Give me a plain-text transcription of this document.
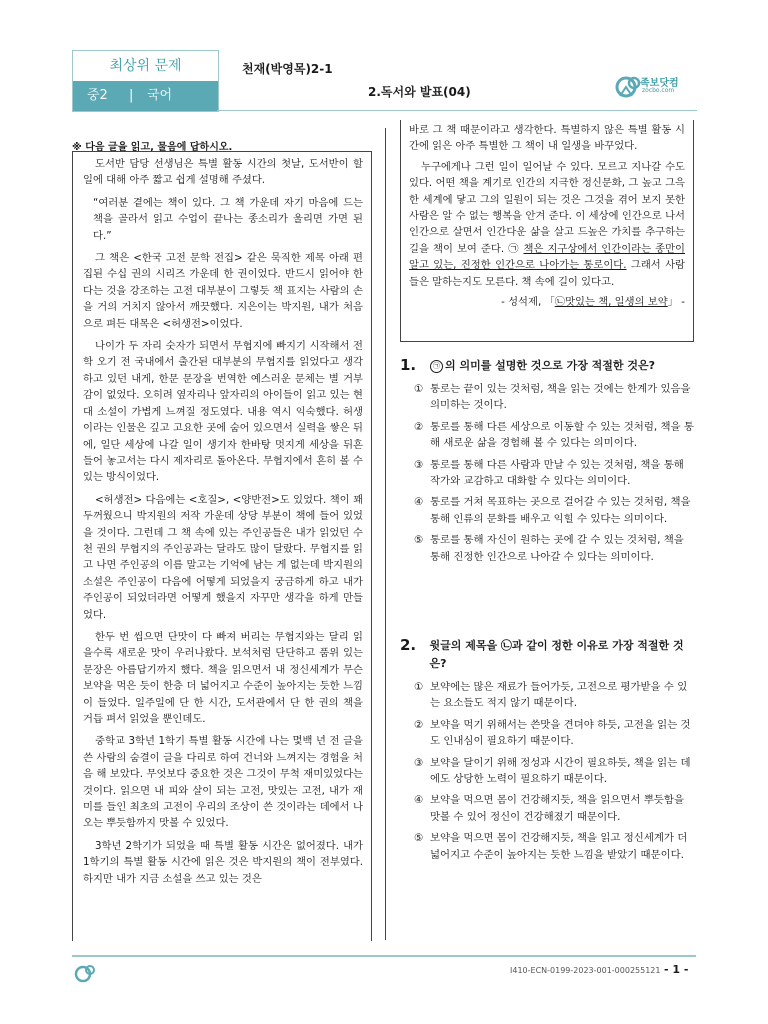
최상위 문제
중2	|	국어
천재(박영목)2-1
2.독서와 발표(04)
족보닷컴
zocbo.com
※ 다음 글을 읽고, 물음에 답하시오.

도서반 담당 선생님은 특별 활동 시간의 첫날, 도서반이 할 일에 대해 아주 짧고 쉽게 설명해 주셨다.

“여러분 곁에는 책이 있다. 그 책 가운데 자기 마음에 드는 책을 골라서 읽고 수업이 끝나는 종소리가 울리면 가면 된다.”

그 책은 <한국 고전 문학 전집> 같은 묵직한 제목 아래 편집된 수십 권의 시리즈 가운데 한 권이었다. 반드시 읽어야 한다는 것을 강조하는 고전 대부분이 그렇듯 책 표지는 사람의 손을 거의 거치지 않아서 깨끗했다. 지은이는 박지원, 내가 처음으로 펴든 대목은 <허생전>이었다.

나이가 두 자리 숫자가 되면서 무협지에 빠지기 시작해서 전학 오기 전 국내에서 출간된 대부분의 무협지를 읽었다고 생각하고 있던 내게, 한문 문장을 번역한 예스러운 문체는 별 거부감이 없었다. 오히려 옆자리나 앞자리의 아이들이 읽고 있는 현대 소설이 가볍게 느껴질 정도였다. 내용 역시 익숙했다. 허생이라는 인물은 깊고 고요한 곳에 숨어 있으면서 실력을 쌓은 뒤에, 일단 세상에 나갈 일이 생기자 한바탕 멋지게 세상을 뒤흔들어 놓고서는 다시 제자리로 돌아온다. 무협지에서 흔히 볼 수 있는 방식이었다.

<허생전> 다음에는 <호질>, <양반전>도 있었다. 책이 꽤 두꺼웠으니 박지원의 저작 가운데 상당 부분이 책에 들어 있었을 것이다. 그런데 그 책 속에 있는 주인공들은 내가 읽었던 수천 권의 무협지의 주인공과는 달라도 많이 달랐다. 무협지를 읽고 나면 주인공의 이름 말고는 기억에 남는 게 없는데 박지원의 소설은 주인공이 다음에 어떻게 되었을지 궁금하게 하고 내가 주인공이 되었더라면 어떻게 했을지 자꾸만 생각을 하게 만들었다.

한두 번 씹으면 단맛이 다 빠져 버리는 무협지와는 달리 읽을수록 새로운 맛이 우러나왔다. 보석처럼 단단하고 품위 있는 문장은 아름답기까지 했다. 책을 읽으면서 내 정신세계가 무슨 보약을 먹은 듯이 한층 더 넓어지고 수준이 높아지는 듯한 느낌이 들었다. 일주일에 단 한 시간, 도서관에서 단 한 권의 책을 거듭 펴서 읽었을 뿐인데도.

중학교 3학년 1학기 특별 활동 시간에 나는 몇백 년 전 글을 쓴 사람의 숨결이 글을 다리로 하여 건너와 느껴지는 경험을 처음 해 보았다. 무엇보다 중요한 것은 그것이 무척 재미있었다는 것이다. 읽으면 내 피와 살이 되는 고전, 맛있는 고전, 내가 재미를 들인 최초의 고전이 우리의 조상이 쓴 것이라는 데에서 나오는 뿌듯함까지 맛볼 수 있었다.

3학년 2학기가 되었을 때 특별 활동 시간은 없어졌다. 내가 1학기의 특별 활동 시간에 읽은 것은 박지원의 책이 전부였다. 하지만 내가 지금 소설을 쓰고 있는 것은

바로 그 책 때문이라고 생각한다. 특별하지 않은 특별 활동 시간에 읽은 아주 특별한 그 책이 내 일생을 바꾸었다.

누구에게나 그런 일이 일어날 수 있다. 모르고 지나갈 수도 있다. 어떤 책을 계기로 인간의 지극한 정신문화, 그 높고 그윽한 세계에 닿고 그의 일원이 되는 것은 그것을 겪어 보지 못한 사람은 알 수 없는 행복을 안겨 준다. 이 세상에 인간으로 나서 인간으로 살면서 인간다운 삶을 살고 드높은 가치를 추구하는 길을 책이 보여 준다. ㉠ 책은 지구상에서 인간이라는 종만이 알고 있는, 진정한 인간으로 나아가는 통로이다. 그래서 사람들은 말하는지도 모른다. 책 속에 길이 있다고.

- 성석제, 「㉡맛있는 책, 일생의 보약」 -
1.	㉠ 의 의미를 설명한 것으로 가장 적절한 것은?
① 통로는 끝이 있는 것처럼, 책을 읽는 것에는 한계가 있음을 의미하는 것이다.
② 통로를 통해 다른 세상으로 이동할 수 있는 것처럼, 책을 통해 새로운 삶을 경험해 볼 수 있다는 의미이다.
③ 통로를 통해 다른 사람과 만날 수 있는 것처럼, 책을 통해 작가와 교감하고 대화할 수 있다는 의미이다.
④ 통로를 거쳐 목표하는 곳으로 걸어갈 수 있는 것처럼, 책을 통해 인류의 문화를 배우고 익힐 수 있다는 의미이다.
⑤ 통로를 통해 자신이 원하는 곳에 갈 수 있는 것처럼, 책을 통해 진정한 인간으로 나아갈 수 있다는 의미이다.
2.	윗글의 제목을 ㉡과 같이 정한 이유로 가장 적절한 것은?
① 보약에는 많은 재료가 들어가듯, 고전으로 평가받을 수 있는 요소들도 적지 않기 때문이다.
② 보약을 먹기 위해서는 쓴맛을 견뎌야 하듯, 고전을 읽는 것도 인내심이 필요하기 때문이다.
③ 보약을 달이기 위해 정성과 시간이 필요하듯, 책을 읽는 데에도 상당한 노력이 필요하기 때문이다.
④ 보약을 먹으면 몸이 건강해지듯, 책을 읽으면서 뿌듯함을 맛볼 수 있어 정신이 건강해졌기 때문이다.
⑤ 보약을 먹으면 몸이 건강해지듯, 책을 읽고 정신세계가 더 넓어지고 수준이 높아지는 듯한 느낌을 받았기 때문이다.
I410-ECN-0199-2023-001-000255121 - 1 -
